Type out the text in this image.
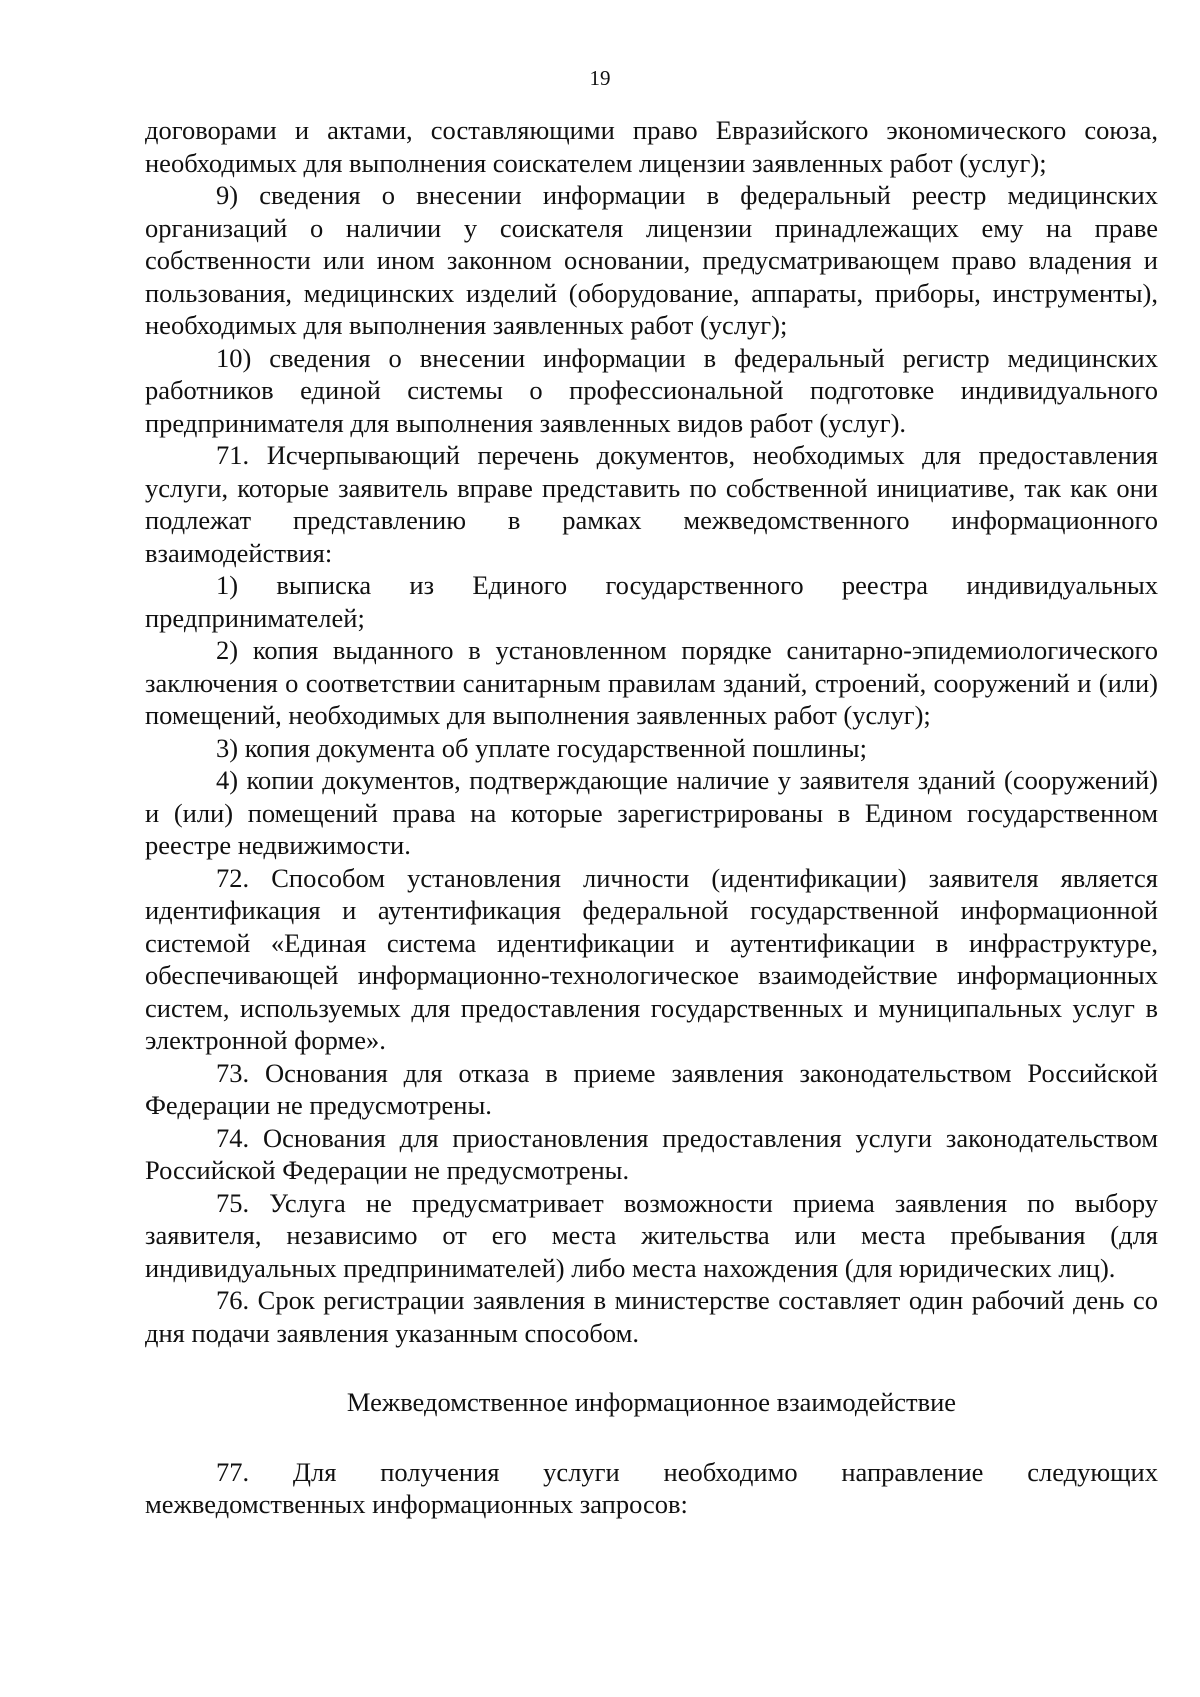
19

договорами и актами, составляющими право Евразийского экономического союза, необходимых для выполнения соискателем лицензии заявленных работ (услуг);

9) сведения о внесении информации в федеральный реестр медицинских организаций о наличии у соискателя лицензии принадлежащих ему на праве собственности или ином законном основании, предусматривающем право владения и пользования, медицинских изделий (оборудование, аппараты, приборы, инструменты), необходимых для выполнения заявленных работ (услуг);

10) сведения о внесении информации в федеральный регистр медицинских работников единой системы о профессиональной подготовке индивидуального предпринимателя для выполнения заявленных видов работ (услуг).

71. Исчерпывающий перечень документов, необходимых для предоставления услуги, которые заявитель вправе представить по собственной инициативе, так как они подлежат представлению в рамках межведомственного информационного взаимодействия:

1) выписка из Единого государственного реестра индивидуальных предпринимателей;

2) копия выданного в установленном порядке санитарно-эпидемиологического заключения о соответствии санитарным правилам зданий, строений, сооружений и (или) помещений, необходимых для выполнения заявленных работ (услуг);

3) копия документа об уплате государственной пошлины;

4) копии документов, подтверждающие наличие у заявителя зданий (сооружений) и (или) помещений права на которые зарегистрированы в Едином государственном реестре недвижимости.

72. Способом установления личности (идентификации) заявителя является идентификация и аутентификация федеральной государственной информационной системой «Единая система идентификации и аутентификации в инфраструктуре, обеспечивающей информационно-технологическое взаимодействие информационных систем, используемых для предоставления государственных и муниципальных услуг в электронной форме».

73. Основания для отказа в приеме заявления законодательством Российской Федерации не предусмотрены.

74. Основания для приостановления предоставления услуги законодательством Российской Федерации не предусмотрены.

75. Услуга не предусматривает возможности приема заявления по выбору заявителя, независимо от его места жительства или места пребывания (для индивидуальных предпринимателей) либо места нахождения (для юридических лиц).

76. Срок регистрации заявления в министерстве составляет один рабочий день со дня подачи заявления указанным способом.

Межведомственное информационное взаимодействие

77. Для получения услуги необходимо направление следующих межведомственных информационных запросов:
